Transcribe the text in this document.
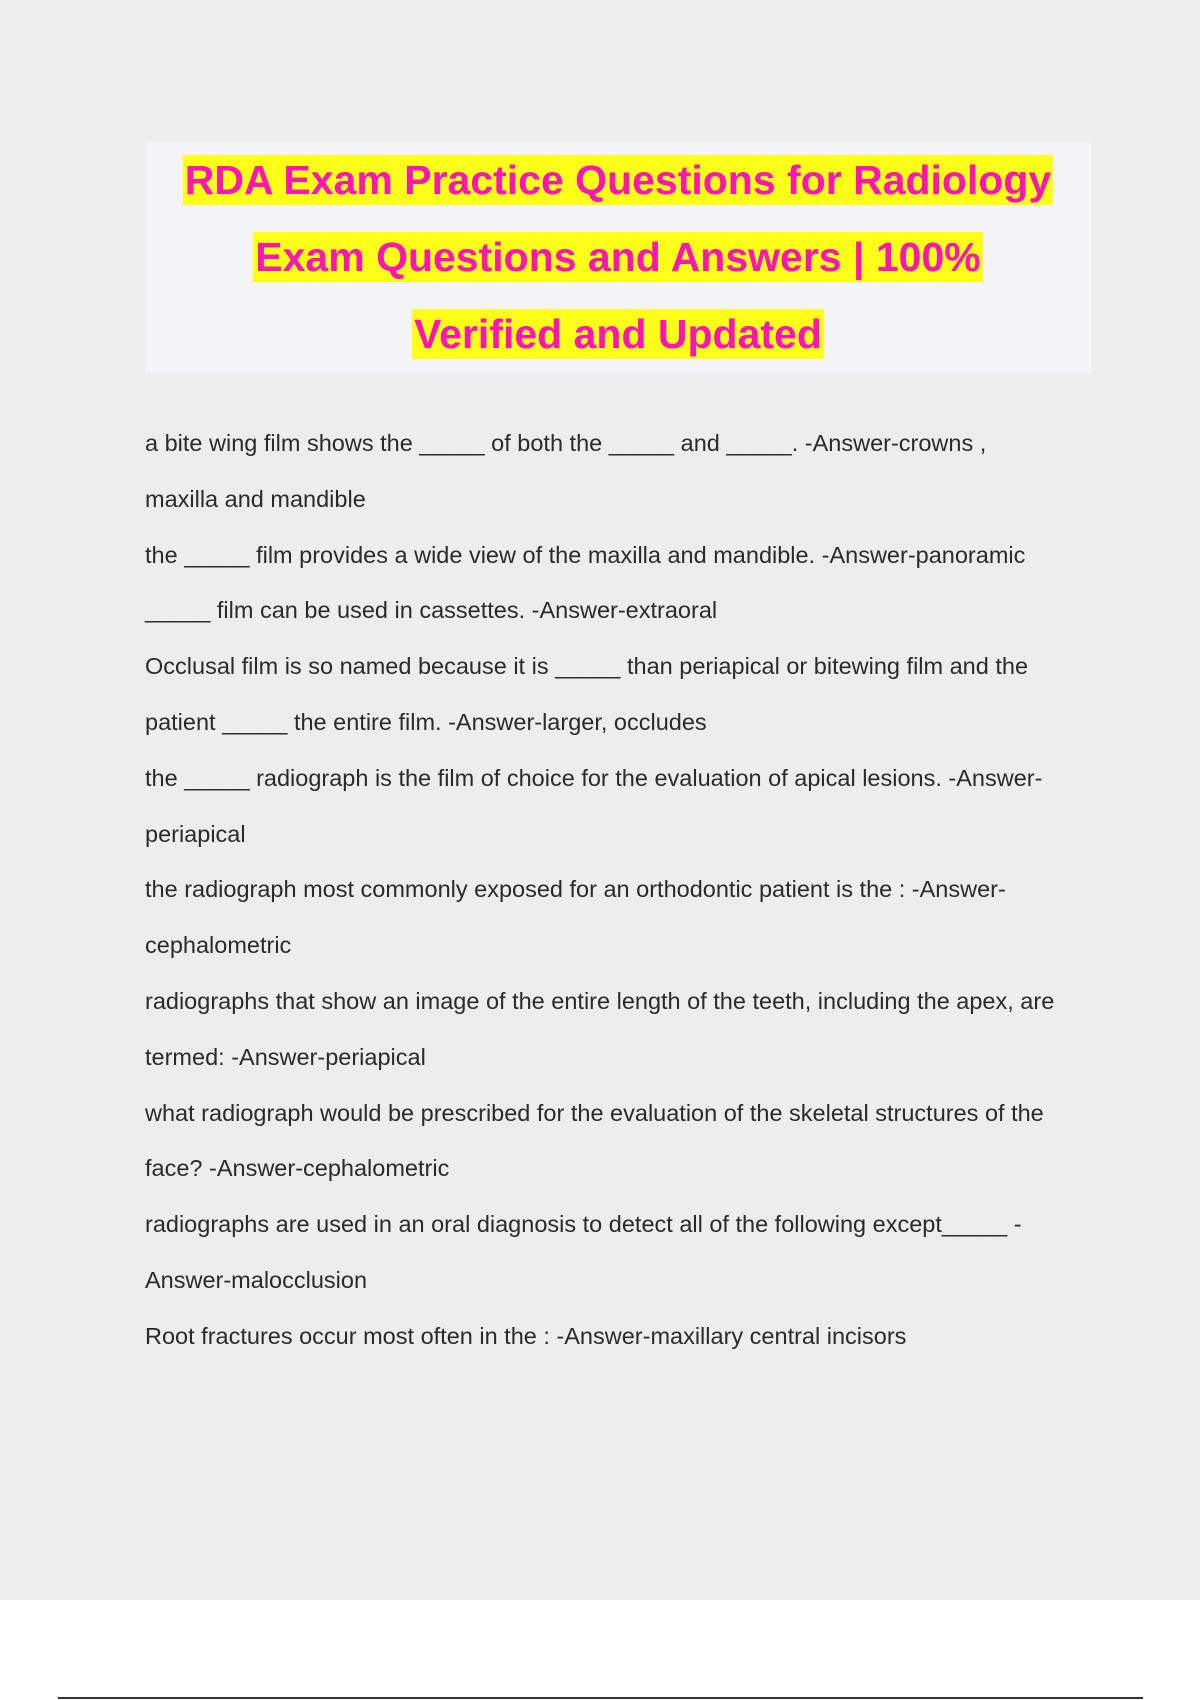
RDA Exam Practice Questions for Radiology
Exam Questions and Answers | 100%
Verified and Updated
a bite wing film shows the _____ of both the _____ and _____. -Answer-crowns ,
maxilla and mandible
the _____ film provides a wide view of the maxilla and mandible. -Answer-panoramic
_____ film can be used in cassettes. -Answer-extraoral
Occlusal film is so named because it is _____ than periapical or bitewing film and the
patient _____ the entire film. -Answer-larger, occludes
the _____ radiograph is the film of choice for the evaluation of apical lesions. -Answer-
periapical
the radiograph most commonly exposed for an orthodontic patient is the : -Answer-
cephalometric
radiographs that show an image of the entire length of the teeth, including the apex, are
termed: -Answer-periapical
what radiograph would be prescribed for the evaluation of the skeletal structures of the
face? -Answer-cephalometric
radiographs are used in an oral diagnosis to detect all of the following except_____ -
Answer-malocclusion
Root fractures occur most often in the : -Answer-maxillary central incisors
